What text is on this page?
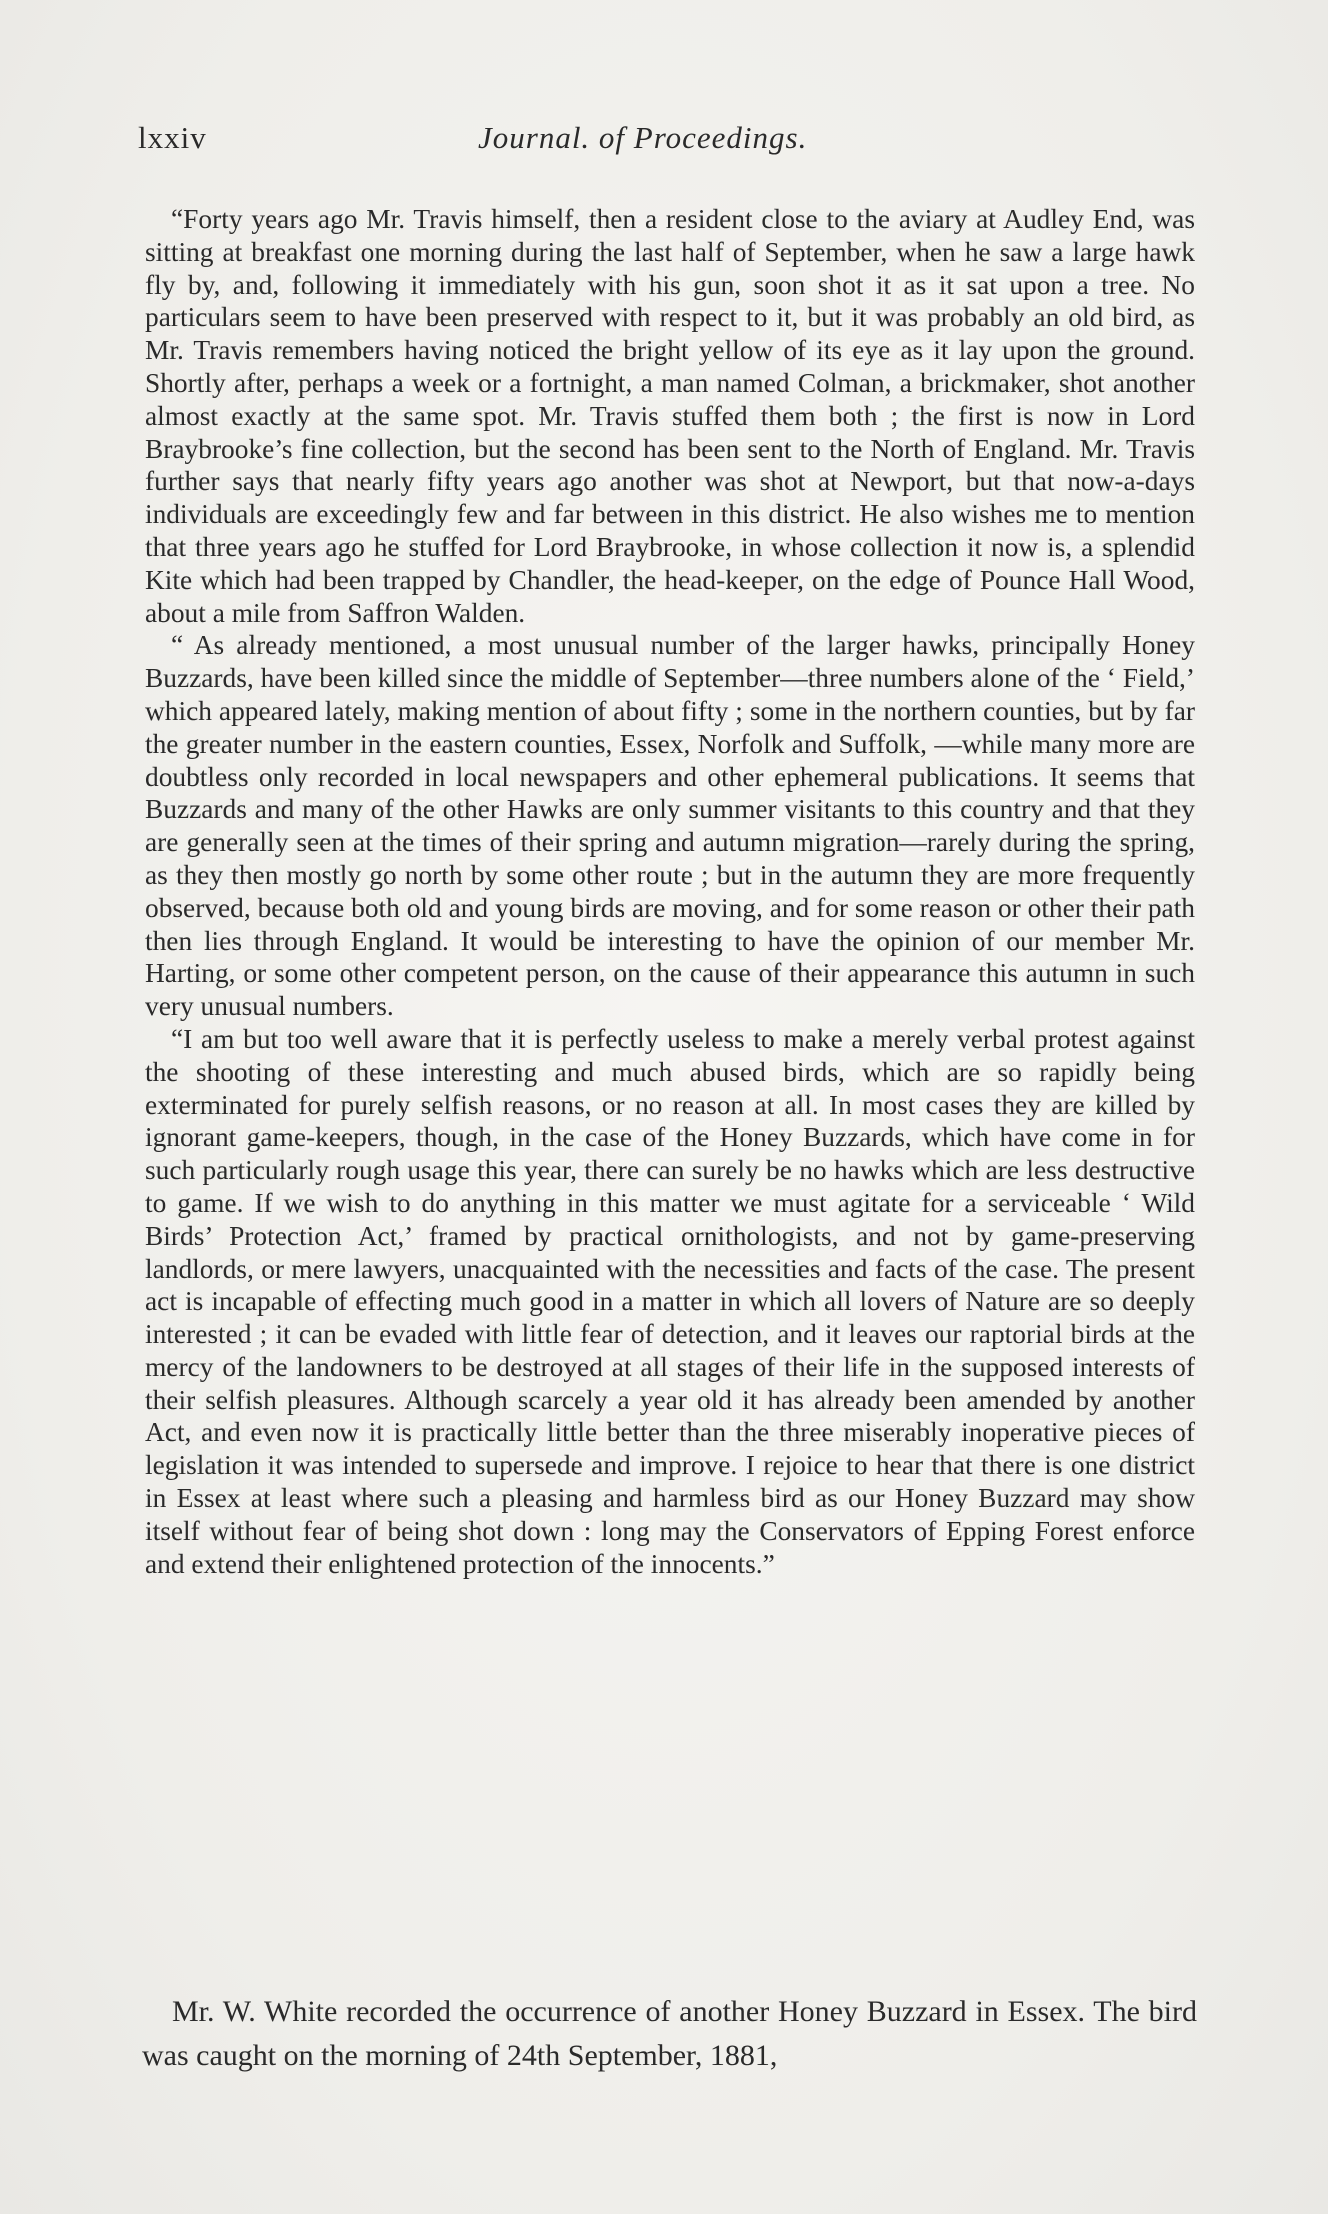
lxxiv	Journal. of Proceedings.

“Forty years ago Mr. Travis himself, then a resident close to the aviary at Audley End, was sitting at breakfast one morning during the last half of September, when he saw a large hawk fly by, and, following it immediately with his gun, soon shot it as it sat upon a tree. No particulars seem to have been preserved with respect to it, but it was probably an old bird, as Mr. Travis remembers having noticed the bright yellow of its eye as it lay upon the ground. Shortly after, perhaps a week or a fortnight, a man named Colman, a brickmaker, shot another almost exactly at the same spot. Mr. Travis stuffed them both ; the first is now in Lord Braybrooke’s fine collection, but the second has been sent to the North of England. Mr. Travis further says that nearly fifty years ago another was shot at Newport, but that now-a-days individuals are exceedingly few and far between in this district. He also wishes me to mention that three years ago he stuffed for Lord Braybrooke, in whose collection it now is, a splendid Kite which had been trapped by Chandler, the head-keeper, on the edge of Pounce Hall Wood, about a mile from Saffron Walden.

“ As already mentioned, a most unusual number of the larger hawks, principally Honey Buzzards, have been killed since the middle of September—three numbers alone of the ‘ Field,’ which appeared lately, making mention of about fifty ; some in the northern counties, but by far the greater number in the eastern counties, Essex, Norfolk and Suffolk, —while many more are doubtless only recorded in local newspapers and other ephemeral publications. It seems that Buzzards and many of the other Hawks are only summer visitants to this country and that they are generally seen at the times of their spring and autumn migration—rarely during the spring, as they then mostly go north by some other route ; but in the autumn they are more frequently observed, because both old and young birds are moving, and for some reason or other their path then lies through England. It would be interesting to have the opinion of our member Mr. Harting, or some other competent person, on the cause of their appearance this autumn in such very unusual numbers.

“I am but too well aware that it is perfectly useless to make a merely verbal protest against the shooting of these interesting and much abused birds, which are so rapidly being exterminated for purely selfish reasons, or no reason at all. In most cases they are killed by ignorant game-keepers, though, in the case of the Honey Buzzards, which have come in for such particularly rough usage this year, there can surely be no hawks which are less destructive to game. If we wish to do anything in this matter we must agitate for a serviceable ‘ Wild Birds’ Protection Act,’ framed by practical ornithologists, and not by game-preserving landlords, or mere lawyers, unacquainted with the necessities and facts of the case. The present act is incapable of effecting much good in a matter in which all lovers of Nature are so deeply interested ; it can be evaded with little fear of detection, and it leaves our raptorial birds at the mercy of the landowners to be destroyed at all stages of their life in the supposed interests of their selfish pleasures. Although scarcely a year old it has already been amended by another Act, and even now it is practically little better than the three miserably inoperative pieces of legislation it was intended to supersede and improve. I rejoice to hear that there is one district in Essex at least where such a pleasing and harmless bird as our Honey Buzzard may show itself without fear of being shot down : long may the Conservators of Epping Forest enforce and extend their enlightened protection of the innocents.”

Mr. W. White recorded the occurrence of another Honey Buzzard in Essex. The bird was caught on the morning of 24th September, 1881,
